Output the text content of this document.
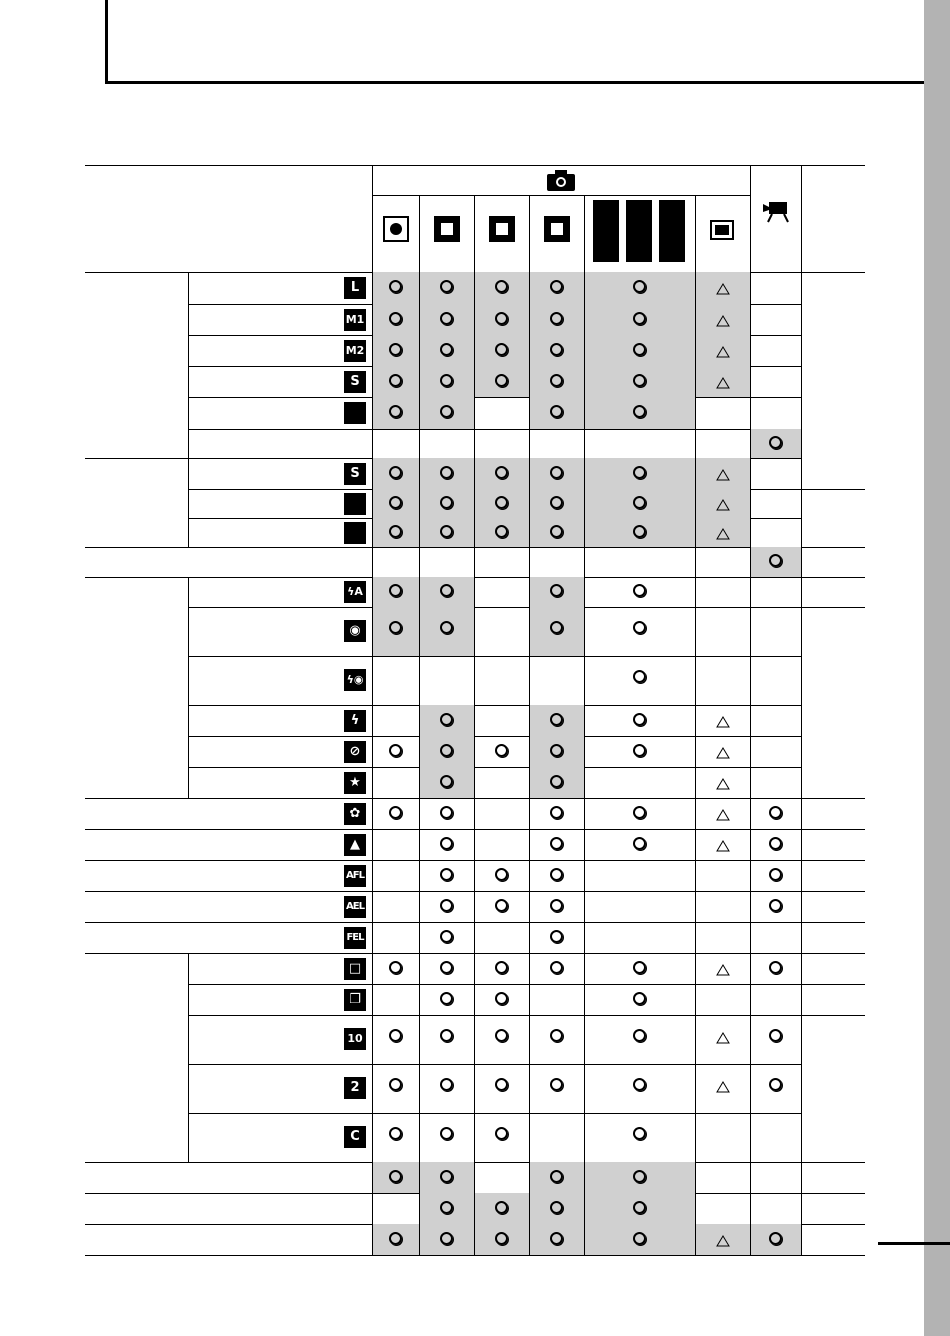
L
M1
M2
S
S
ϟA
◉
ϟ◉
ϟ
⊘
★
✿
▲
AFL
AEL
FEL
□
❐
10
2
C
